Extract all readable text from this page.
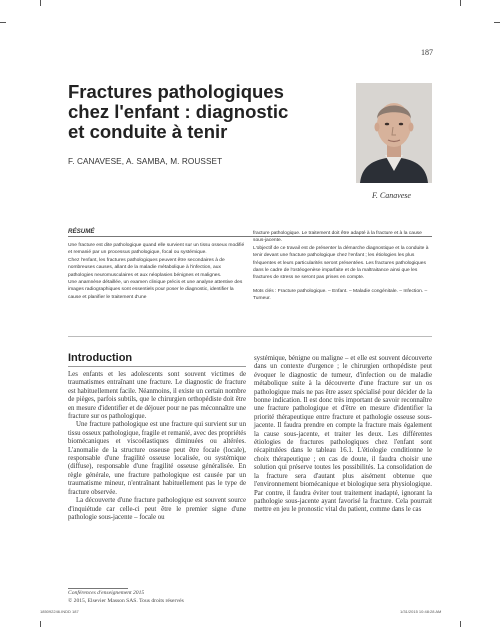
187
Fractures pathologiques
chez l'enfant : diagnostic
et conduite à tenir
F. CANAVESE, A. SAMBA, M. ROUSSET
F. Canavese
RÉSUMÉ

Une fracture est dite pathologique quand elle survient sur un tissu osseux modifié et remanié par un processus pathologique, focal ou systémique.

Chez l'enfant, les fractures pathologiques peuvent être secondaires à de nombreuses causes, allant de la maladie métabolique à l'infection, aux pathologies neuromusculaires et aux néoplasies bénignes et malignes.

Une anamnèse détaillée, un examen clinique précis et une analyse attentive des images radiographiques sont essentiels pour poser le diagnostic, identifier la cause et planifier le traitement d'une

fracture pathologique. Le traitement doit être adapté à la fracture et à la cause sous-jacente.

L'objectif de ce travail est de présenter la démarche diagnostique et la conduite à tenir devant une fracture pathologique chez l'enfant ; les étiologies les plus fréquentes et leurs particularités seront présentées. Les fractures pathologiques dans le cadre de l'ostéogenèse imparfaite et de la maltraitance ainsi que les fractures de stress ne seront pas prises en compte.

Mots clés : Fracture pathologique. – Enfant. – Maladie congénitale. – Infection. – Tumeur.

Introduction

Les enfants et les adolescents sont souvent victimes de traumatismes entraînant une fracture. Le diagnostic de fracture est habituellement facile. Néanmoins, il existe un certain nombre de pièges, parfois subtils, que le chirurgien orthopédiste doit être en mesure d'identifier et de déjouer pour ne pas méconnaître une fracture sur os pathologique.

Une fracture pathologique est une fracture qui survient sur un tissu osseux pathologique, fragile et remanié, avec des propriétés biomécaniques et viscoélastiques diminuées ou altérées. L'anomalie de la structure osseuse peut être focale (locale), responsable d'une fragilité osseuse localisée, ou systémique (diffuse), responsable d'une fragilité osseuse généralisée. En règle générale, une fracture pathologique est causée par un traumatisme mineur, n'entraînant habituellement pas le type de fracture observée.

La découverte d'une fracture pathologique est souvent source d'inquiétude car celle-ci peut être le premier signe d'une pathologie sous-jacente – focale ou

systémique, bénigne ou maligne – et elle est souvent découverte dans un contexte d'urgence ; le chirurgien orthopédiste peut évoquer le diagnostic de tumeur, d'infection ou de maladie métabolique suite à la découverte d'une fracture sur un os pathologique mais ne pas être assez spécialisé pour décider de la bonne indication. Il est donc très important de savoir reconnaître une fracture pathologique et d'être en mesure d'identifier la priorité thérapeutique entre fracture et pathologie osseuse sous-jacente. Il faudra prendre en compte la fracture mais également la cause sous-jacente, et traiter les deux. Les différentes étiologies de fractures pathologiques chez l'enfant sont récapitulées dans le tableau 16.1. L'étiologie conditionne le choix thérapeutique ; en cas de doute, il faudra choisir une solution qui préserve toutes les possibilités. La consolidation de la fracture sera d'autant plus aisément obtenue que l'environnement biomécanique et biologique sera physiologique. Par contre, il faudra éviter tout traitement inadapté, ignorant la pathologie sous-jacente ayant favorisé la fracture. Cela pourrait mettre en jeu le pronostic vital du patient, comme dans le cas

Conférences d'enseignement 2015
© 2015, Elsevier Masson SAS. Tous droits réservés
185092246.INDD 187	1/31/2015 10:48:28 AM
